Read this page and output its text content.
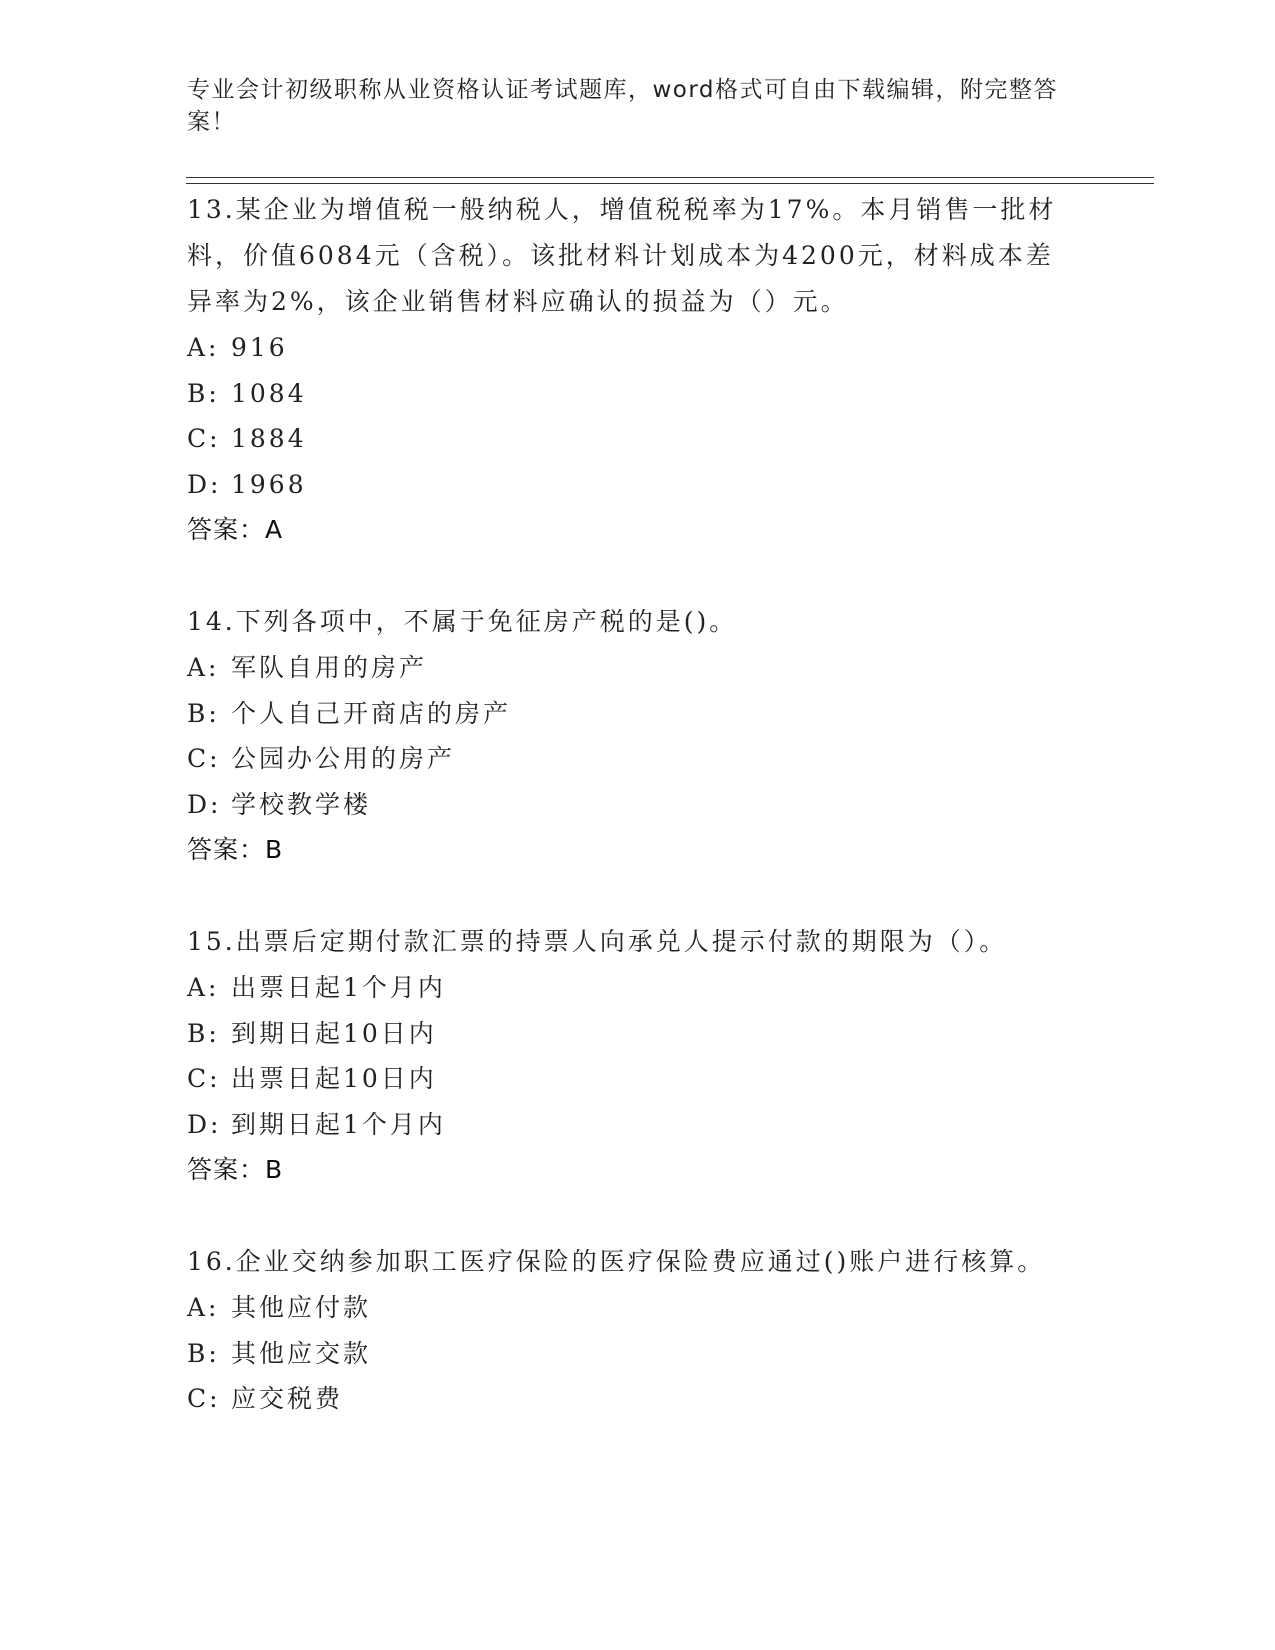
专业会计初级职称从业资格认证考试题库，word格式可自由下载编辑，附完整答案！

13.某企业为增值税一般纳税人，增值税税率为17%。本月销售一批材料，价值6084元（含税）。该批材料计划成本为4200元，材料成本差异率为2%，该企业销售材料应确认的损益为（）元。

A: 916

B: 1084

C: 1884

D: 1968

答案：A

14.下列各项中，不属于免征房产税的是()。

A: 军队自用的房产

B: 个人自己开商店的房产

C: 公园办公用的房产

D: 学校教学楼

答案：B

15.出票后定期付款汇票的持票人向承兑人提示付款的期限为（）。

A: 出票日起1个月内

B: 到期日起10日内

C: 出票日起10日内

D: 到期日起1个月内

答案：B

16.企业交纳参加职工医疗保险的医疗保险费应通过()账户进行核算。

A: 其他应付款

B: 其他应交款

C: 应交税费
